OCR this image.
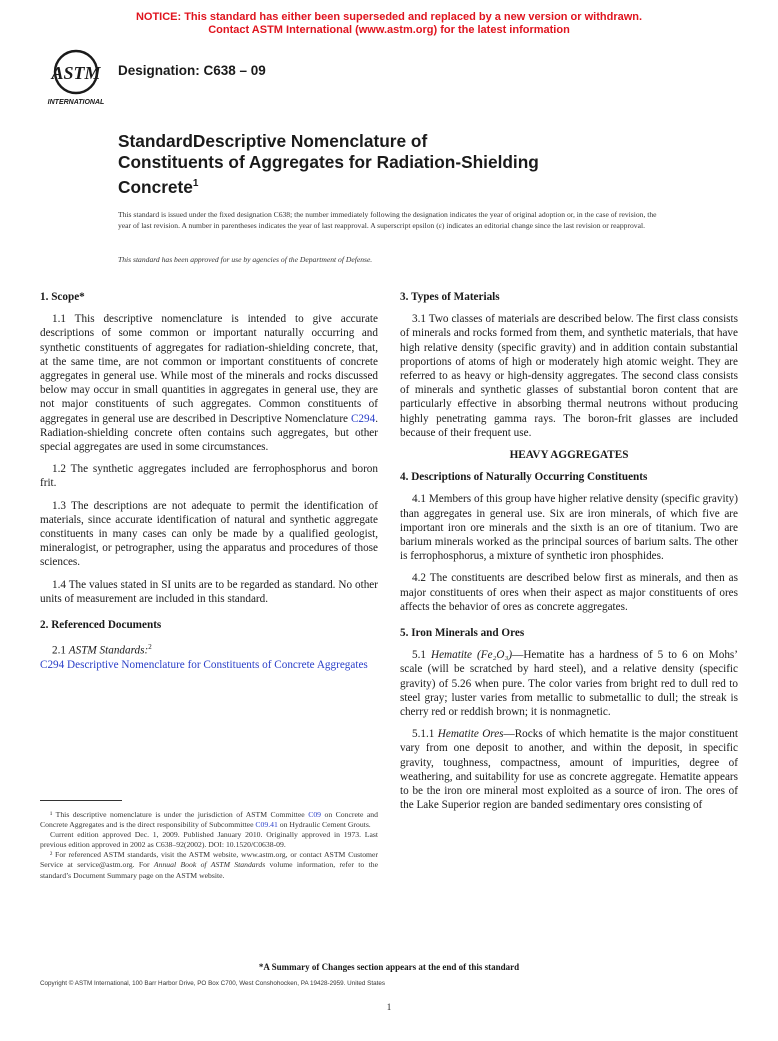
NOTICE: This standard has either been superseded and replaced by a new version or withdrawn.
Contact ASTM International (www.astm.org) for the latest information
ASTM
INTERNATIONAL
Designation: C638 – 09
StandardDescriptive Nomenclature of
Constituents of Aggregates for Radiation-Shielding
Concrete$^1$
This standard is issued under the fixed designation C638; the number immediately following the designation indicates the year of original adoption or, in the case of revision, the year of last revision. A number in parentheses indicates the year of last reapproval. A superscript epsilon (ε) indicates an editorial change since the last revision or reapproval.
This standard has been approved for use by agencies of the Department of Defense.
1. Scope*

1.1 This descriptive nomenclature is intended to give accurate descriptions of some common or important naturally occurring and synthetic constituents of aggregates for radiation-shielding concrete, that, at the same time, are not common or important constituents of concrete aggregates in general use. While most of the minerals and rocks discussed below may occur in small quantities in aggregates in general use, they are not major constituents of such aggregates. Common constituents of aggregates in general use are described in Descriptive Nomenclature C294. Radiation-shielding concrete often contains such aggregates, but other special aggregates are used in some circumstances.

1.2 The synthetic aggregates included are ferrophosphorus and boron frit.

1.3 The descriptions are not adequate to permit the identification of materials, since accurate identification of natural and synthetic aggregate constituents in many cases can only be made by a qualified geologist, mineralogist, or petrographer, using the apparatus and procedures of those sciences.

1.4 The values stated in SI units are to be regarded as standard. No other units of measurement are included in this standard.

2. Referenced Documents
2.1 ASTM Standards:$^2$
C294 Descriptive Nomenclature for Constituents of Concrete Aggregates

¹ This descriptive nomenclature is under the jurisdiction of ASTM Committee C09 on Concrete and Concrete Aggregates and is the direct responsibility of Subcommittee C09.41 on Hydraulic Cement Grouts.

Current edition approved Dec. 1, 2009. Published January 2010. Originally approved in 1973. Last previous edition approved in 2002 as C638–92(2002). DOI: 10.1520/C0638-09.

² For referenced ASTM standards, visit the ASTM website, www.astm.org, or contact ASTM Customer Service at service@astm.org. For Annual Book of ASTM Standards volume information, refer to the standard’s Document Summary page on the ASTM website.

3. Types of Materials

3.1 Two classes of materials are described below. The first class consists of minerals and rocks formed from them, and synthetic materials, that have high relative density (specific gravity) and in addition contain substantial proportions of atoms of high or moderately high atomic weight. They are referred to as heavy or high-density aggregates. The second class consists of minerals and synthetic glasses of substantial boron content that are particularly effective in absorbing thermal neutrons without producing highly penetrating gamma rays. The boron-frit glasses are included because of their frequent use.

HEAVY AGGREGATES
4. Descriptions of Naturally Occurring Constituents

4.1 Members of this group have higher relative density (specific gravity) than aggregates in general use. Six are iron minerals, of which five are important iron ore minerals and the sixth is an ore of titanium. Two are barium minerals worked as the principal sources of barium salts. The other is ferrophosphorus, a mixture of synthetic iron phosphides.

4.2 The constituents are described below first as minerals, and then as major constituents of ores when their aspect as major constituents of ores affects the behavior of ores as concrete aggregates.

5. Iron Minerals and Ores

5.1 Hematite (Fe₂O₃)—Hematite has a hardness of 5 to 6 on Mohs’ scale (will be scratched by hard steel), and a relative density (specific gravity) of 5.26 when pure. The color varies from bright red to dull red to steel gray; luster varies from metallic to submetallic to dull; the streak is cherry red or reddish brown; it is nonmagnetic.

5.1.1 Hematite Ores—Rocks of which hematite is the major constituent vary from one deposit to another, and within the deposit, in specific gravity, toughness, compactness, amount of impurities, degree of weathering, and suitability for use as concrete aggregate. Hematite appears to be the iron ore mineral most exploited as a source of iron. The ores of the Lake Superior region are banded sedimentary ores consisting of

*A Summary of Changes section appears at the end of this standard
Copyright © ASTM International, 100 Barr Harbor Drive, PO Box C700, West Conshohocken, PA 19428-2959. United States
1
